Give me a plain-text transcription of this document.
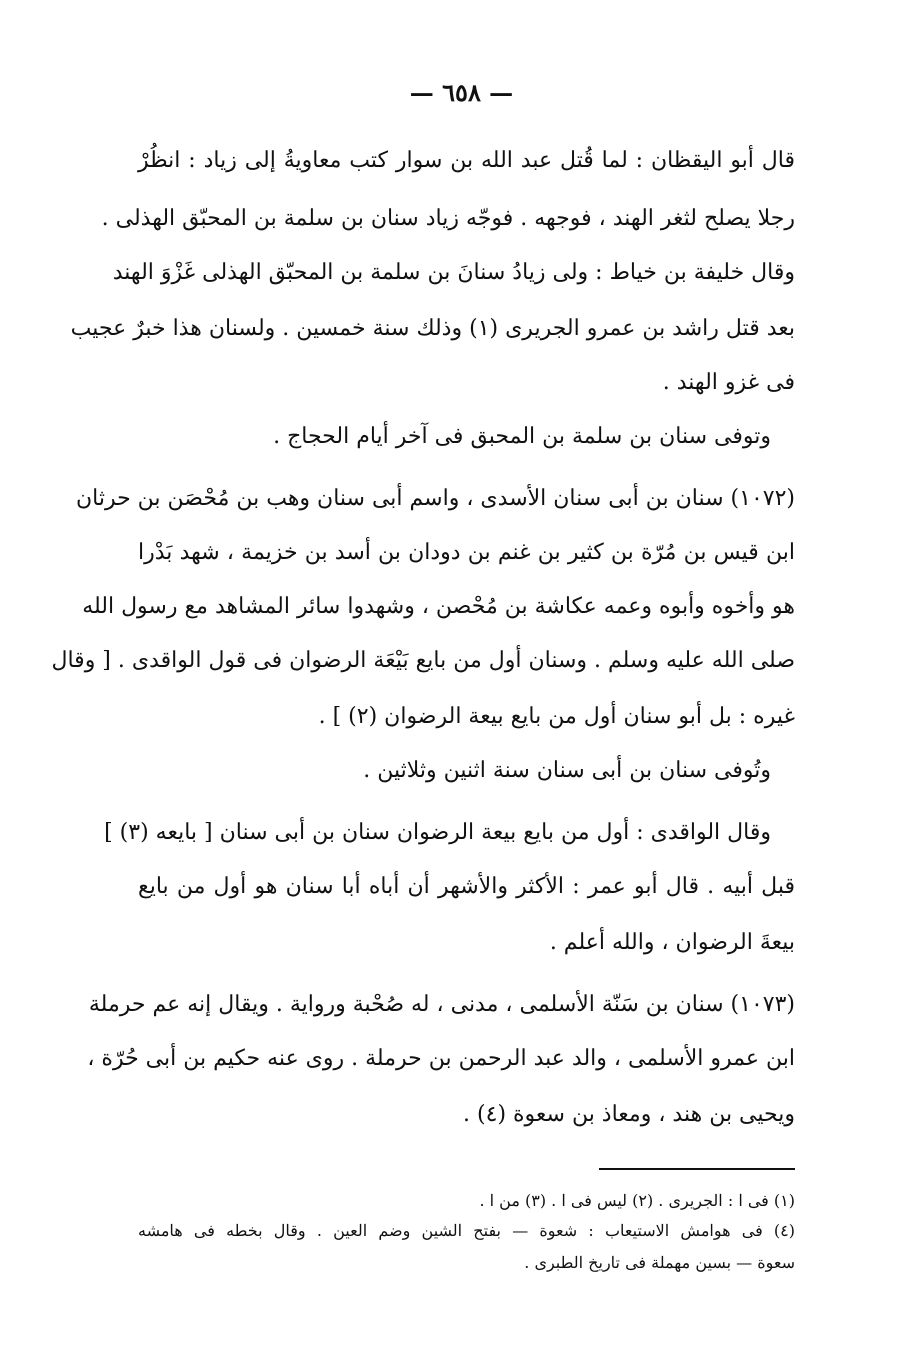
— ٦٥٨ —
قال أبو اليقظان : لما قُتل عبد الله بن سوار كتب معاويةُ إلى زياد : انظُرْ
رجلا يصلح لثغر الهند ، فوجهه . فوجّه زياد سنان بن سلمة بن المحبّق الهذلى .
وقال خليفة بن خياط : ولى زيادُ سنانَ بن سلمة بن المحبّق الهذلى غَزْوَ الهند
بعد قتل راشد بن عمرو الجريرى (١) وذلك سنة خمسين . ولسنان هذا خبرٌ عجيب
فى غزو الهند .
وتوفى سنان بن سلمة بن المحبق فى آخر أيام الحجاج .
(١٠٧٢) سنان بن أبى سنان الأسدى ، واسم أبى سنان وهب بن مُحْصَن بن حرثان
ابن قيس بن مُرّة بن كثير بن غنم بن دودان بن أسد بن خزيمة ، شهد بَدْرا
هو وأخوه وأبوه وعمه عكاشة بن مُحْصن ، وشهدوا سائر المشاهد مع رسول الله
صلى الله عليه وسلم . وسنان أول من بايع بَيْعَة الرضوان فى قول الواقدى . [ وقال
غيره : بل أبو سنان أول من بايع بيعة الرضوان (٢) ] .
وتُوفى سنان بن أبى سنان سنة اثنين وثلاثين .
وقال الواقدى : أول من بايع بيعة الرضوان سنان بن أبى سنان [ بايعه (٣) ]
قبل أبيه . قال أبو عمر : الأكثر والأشهر أن أباه أبا سنان هو أول من بايع
بيعةَ الرضوان ، والله أعلم .
(١٠٧٣) سنان بن سَنّة الأسلمى ، مدنى ، له صُحْبة ورواية . ويقال إنه عم حرملة
ابن عمرو الأسلمى ، والد عبد الرحمن بن حرملة . روى عنه حكيم بن أبى حُرّة ،
ويحيى بن هند ، ومعاذ بن سعوة (٤) .
(١) فى ا : الجريرى . (٢) ليس فى ا . (٣) من ا .
(٤) فى هوامش الاستيعاب : شعوة — بفتح الشين وضم العين . وقال بخطه فى هامشه
سعوة — بسين مهملة فى تاريخ الطبرى .
